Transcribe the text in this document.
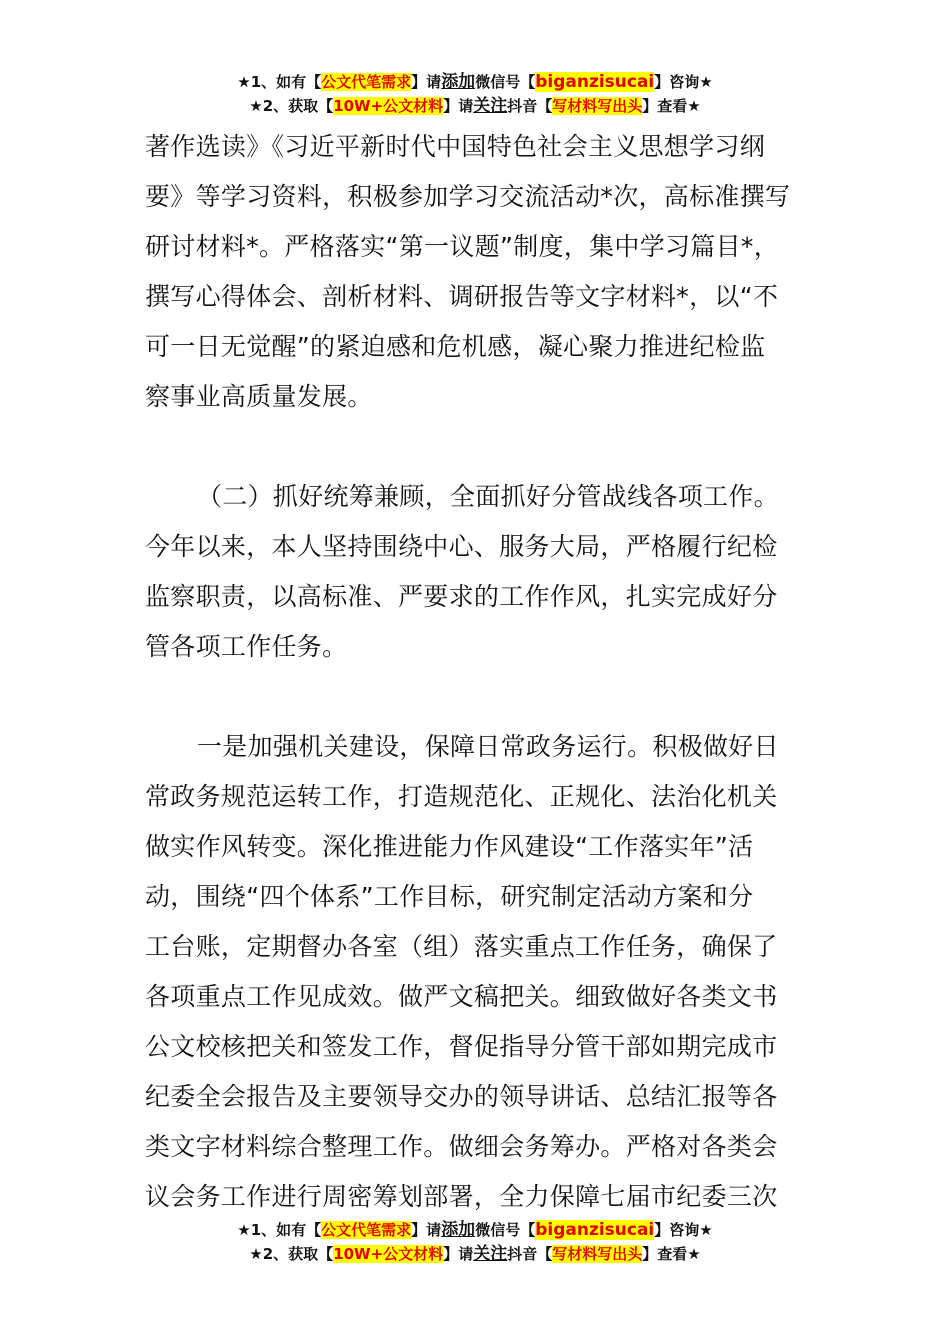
★1、如有【公文代笔需求】请添加微信号【biganzisucai】咨询★
★2、获取【10W+公文材料】请关注抖音【写材料写出头】查看★
著作选读》《习近平新时代中国特色社会主义思想学习纲
要》等学习资料，积极参加学习交流活动*次，高标准撰写
研讨材料*。严格落实“第一议题”制度，集中学习篇目*，
撰写心得体会、剖析材料、调研报告等文字材料*，以“不
可一日无觉醒”的紧迫感和危机感，凝心聚力推进纪检监
察事业高质量发展。
（二）抓好统筹兼顾，全面抓好分管战线各项工作。
今年以来，本人坚持围绕中心、服务大局，严格履行纪检
监察职责，以高标准、严要求的工作作风，扎实完成好分
管各项工作任务。
一是加强机关建设，保障日常政务运行。积极做好日
常政务规范运转工作，打造规范化、正规化、法治化机关
做实作风转变。深化推进能力作风建设“工作落实年”活
动，围绕“四个体系”工作目标，研究制定活动方案和分
工台账，定期督办各室（组）落实重点工作任务，确保了
各项重点工作见成效。做严文稿把关。细致做好各类文书
公文校核把关和签发工作，督促指导分管干部如期完成市
纪委全会报告及主要领导交办的领导讲话、总结汇报等各
类文字材料综合整理工作。做细会务筹办。严格对各类会
议会务工作进行周密筹划部署，全力保障七届市纪委三次
★1、如有【公文代笔需求】请添加微信号【biganzisucai】咨询★
★2、获取【10W+公文材料】请关注抖音【写材料写出头】查看★
